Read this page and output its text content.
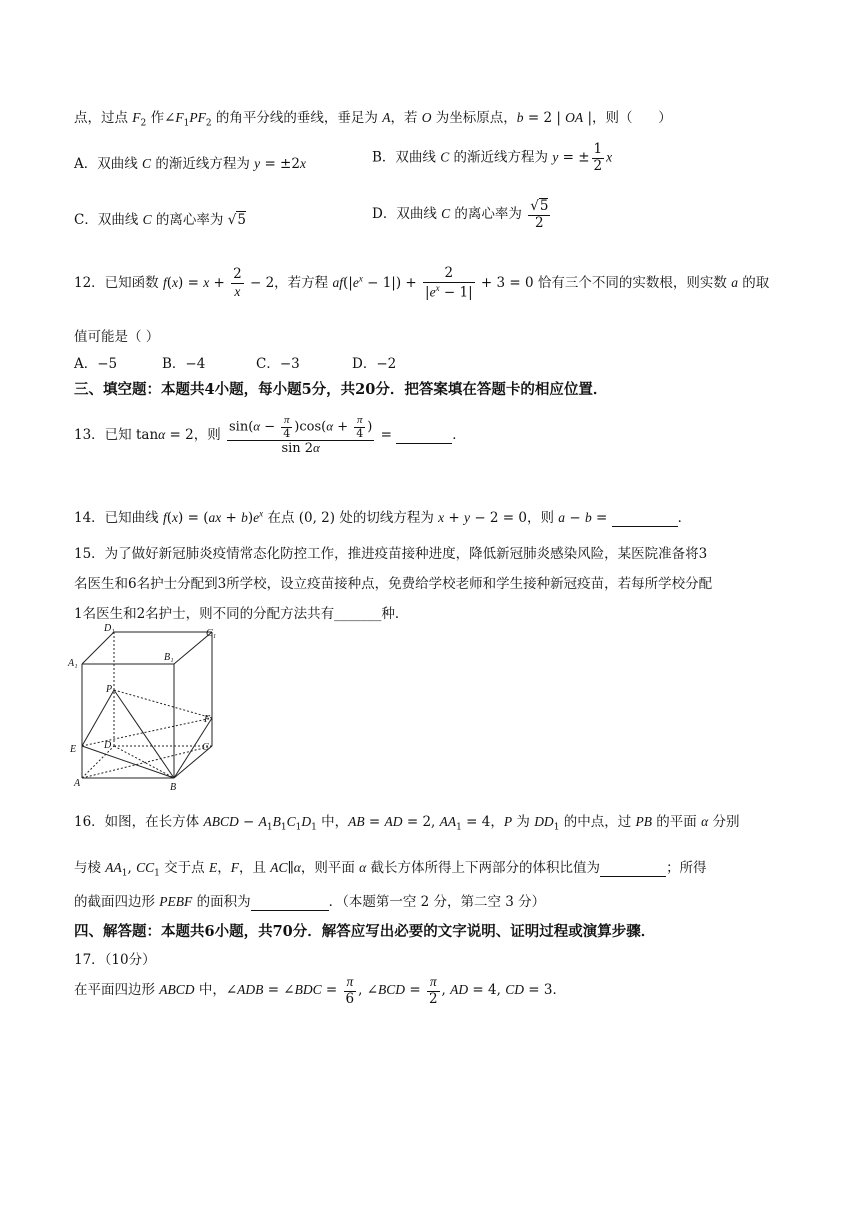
点，过点 $F_2$ 作$\angle F_1PF_2$ 的角平分线的垂线，垂足为 A，若 O 为坐标原点，b = 2 | OA |，则（      ）
A．双曲线 C 的渐近线方程为 y = ±2x	B．双曲线 C 的渐近线方程为 y = ± $\frac{1}{2}$ x
C．双曲线 C 的离心率为 √5	D．双曲线 C 的离心率为 $\frac{√5}{2}$
12．已知函数 $f(x) = x + \frac{2}{x} - 2$，若方程 $af(|e^x - 1|) + \frac{2}{|e^x - 1|} + 3 = 0$ 恰有三个不同的实数根，则实数 a 的取
值可能是（ ）
A．−5	B．−4	C．−3	D．−2
三、填空题：本题共4小题，每小题5分，共20分．把答案填在答题卡的相应位置．
13．已知 tanα = 2，则 $\frac{\sin(\alpha - \frac{\pi}{4} )\cos(\alpha + \frac{\pi}{4} )}{\sin 2\alpha}$ =	．
14．已知曲线 $f(x) = (ax + b)e^x$ 在点 (0, 2) 处的切线方程为 x + y − 2 = 0，则 a − b =	．
15．为了做好新冠肺炎疫情常态化防控工作，推进疫苗接种进度，降低新冠肺炎感染风险，某医院准备将3
名医生和6名护士分配到3所学校，设立疫苗接种点，免费给学校老师和学生接种新冠疫苗，若每所学校分配
1名医生和2名护士，则不同的分配方法共有_______种．
D₁	C₁
A₁
B₁
P
F
E	D	C
A	B
16．如图，在长方体 ABCD − $A_1B_1C_1D_1$ 中，AB = AD = 2, $AA_1 = 4$，P 为 $DD_1$ 的中点，过 PB 的平面 α 分别
与棱 $AA_1$, $CC_1$ 交于点 E，F，且 AC∥α，则平面 α 截长方体所得上下两部分的体积比值为	；所得
的截面四边形 PEBF 的面积为	．（本题第一空 2 分，第二空 3 分）
四、解答题：本题共6小题，共70分．解答应写出必要的文字说明、证明过程或演算步骤．
17．（10分）
在平面四边形 ABCD 中，∠ADB = ∠BDC = $\frac{\pi}{6}$ , ∠BCD = $\frac{\pi}{2}$ , AD = 4, CD = 3．
